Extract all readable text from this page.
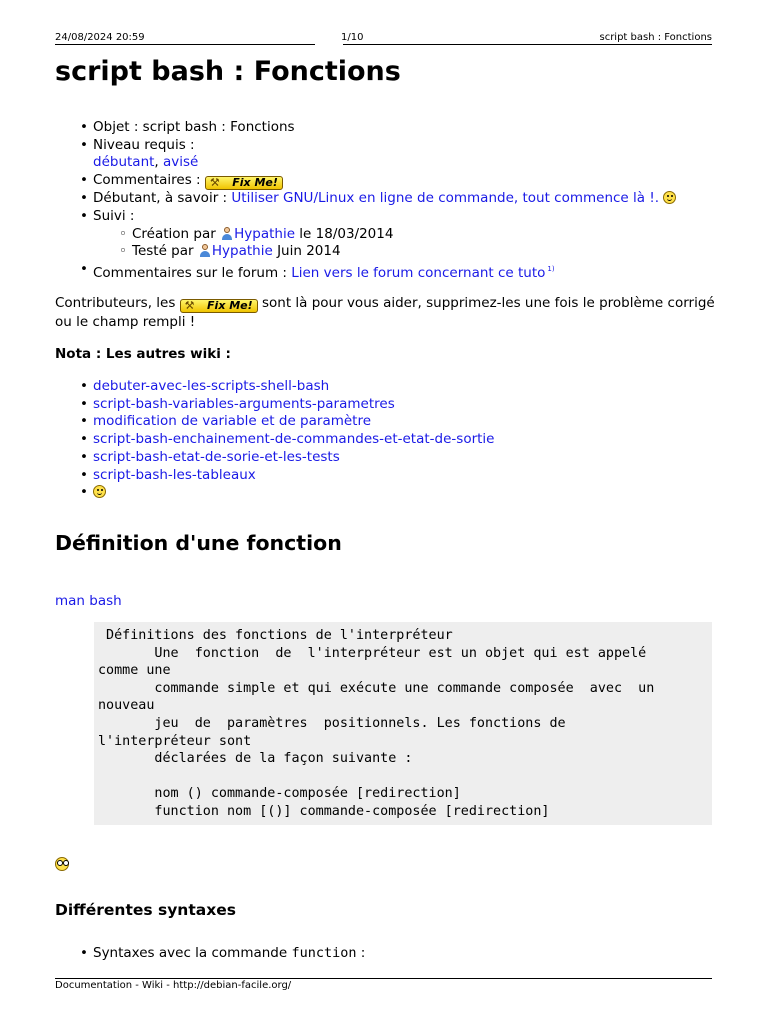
24/08/2024 20:59	1/10	script bash : Fonctions
script bash : Fonctions
• Objet : script bash : Fonctions
• Niveau requis :
débutant, avisé
• Commentaires : ⚒ Fix Me!
• Débutant, à savoir : Utiliser GNU/Linux en ligne de commande, tout commence là !.
• Suivi :
◦ Création par Hypathie le 18/03/2014
◦ Testé par Hypathie Juin 2014
• Commentaires sur le forum : Lien vers le forum concernant ce tuto $^{1)}$

Contributeurs, les ⚒ Fix Me! sont là pour vous aider, supprimez-les une fois le problème corrigé ou le champ rempli !

Nota : Les autres wiki :
• debuter-avec-les-scripts-shell-bash
• script-bash-variables-arguments-parametres
• modification de variable et de paramètre
• script-bash-enchainement-de-commandes-et-etat-de-sortie
• script-bash-etat-de-sorie-et-les-tests
• script-bash-les-tableaux
•
Définition d'une fonction
man bash
Définitions des fonctions de l'interpréteur
Une  fonction  de  l'interpréteur est un objet qui est appelé
comme une
commande simple et qui exécute une commande composée  avec  un
nouveau
jeu  de  paramètres  positionnels. Les fonctions de
l'interpréteur sont
déclarées de la façon suivante :

nom () commande-composée [redirection]
function nom [()] commande-composée [redirection]
Différentes syntaxes
• Syntaxes avec la commande function :
Documentation - Wiki - http://debian-facile.org/
